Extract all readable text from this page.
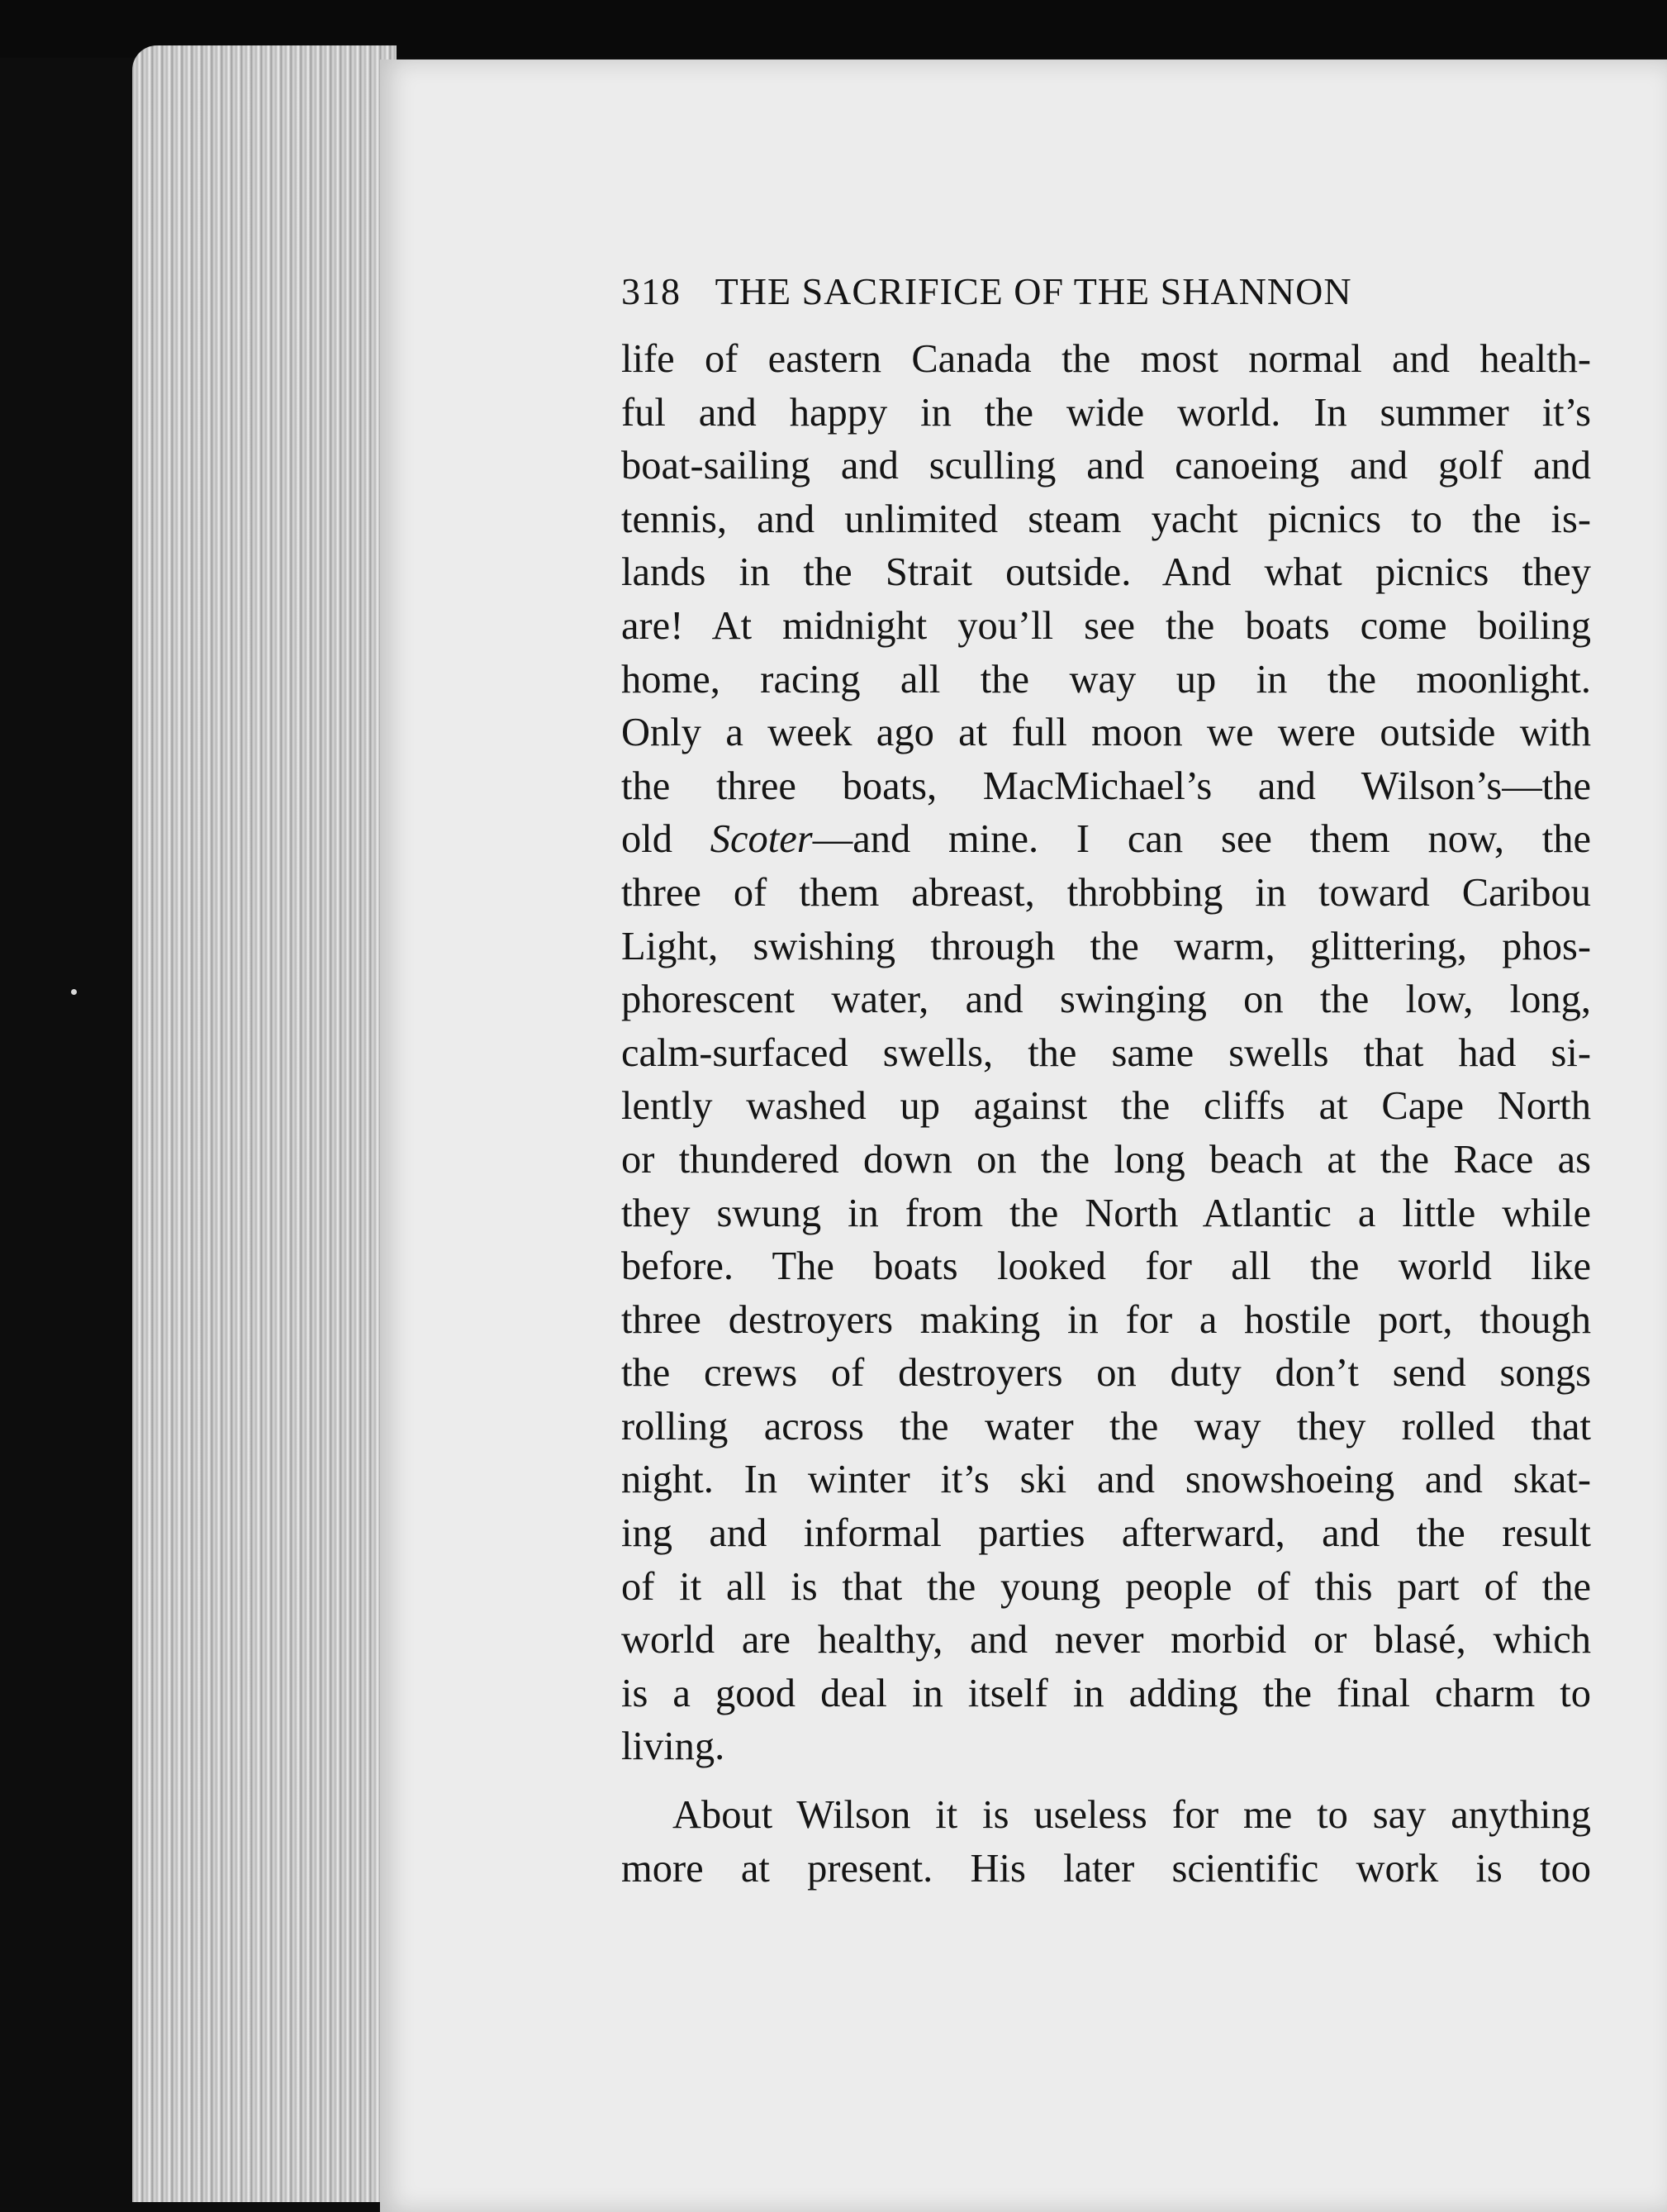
318 THE SACRIFICE OF THE SHANNON
life of eastern Canada the most normal and health-
ful and happy in the wide world. In summer it’s
boat-sailing and sculling and canoeing and golf and
tennis, and unlimited steam yacht picnics to the is-
lands in the Strait outside. And what picnics they
are! At midnight you’ll see the boats come boiling
home, racing all the way up in the moonlight.
Only a week ago at full moon we were outside with
the three boats, MacMichael’s and Wilson’s—the
old Scoter—and mine. I can see them now, the
three of them abreast, throbbing in toward Caribou
Light, swishing through the warm, glittering, phos-
phorescent water, and swinging on the low, long,
calm-surfaced swells, the same swells that had si-
lently washed up against the cliffs at Cape North
or thundered down on the long beach at the Race as
they swung in from the North Atlantic a little while
before. The boats looked for all the world like
three destroyers making in for a hostile port, though
the crews of destroyers on duty don’t send songs
rolling across the water the way they rolled that
night. In winter it’s ski and snowshoeing and skat-
ing and informal parties afterward, and the result
of it all is that the young people of this part of the
world are healthy, and never morbid or blasé, which
is a good deal in itself in adding the final charm to
living.
About Wilson it is useless for me to say anything
more at present. His later scientific work is too
